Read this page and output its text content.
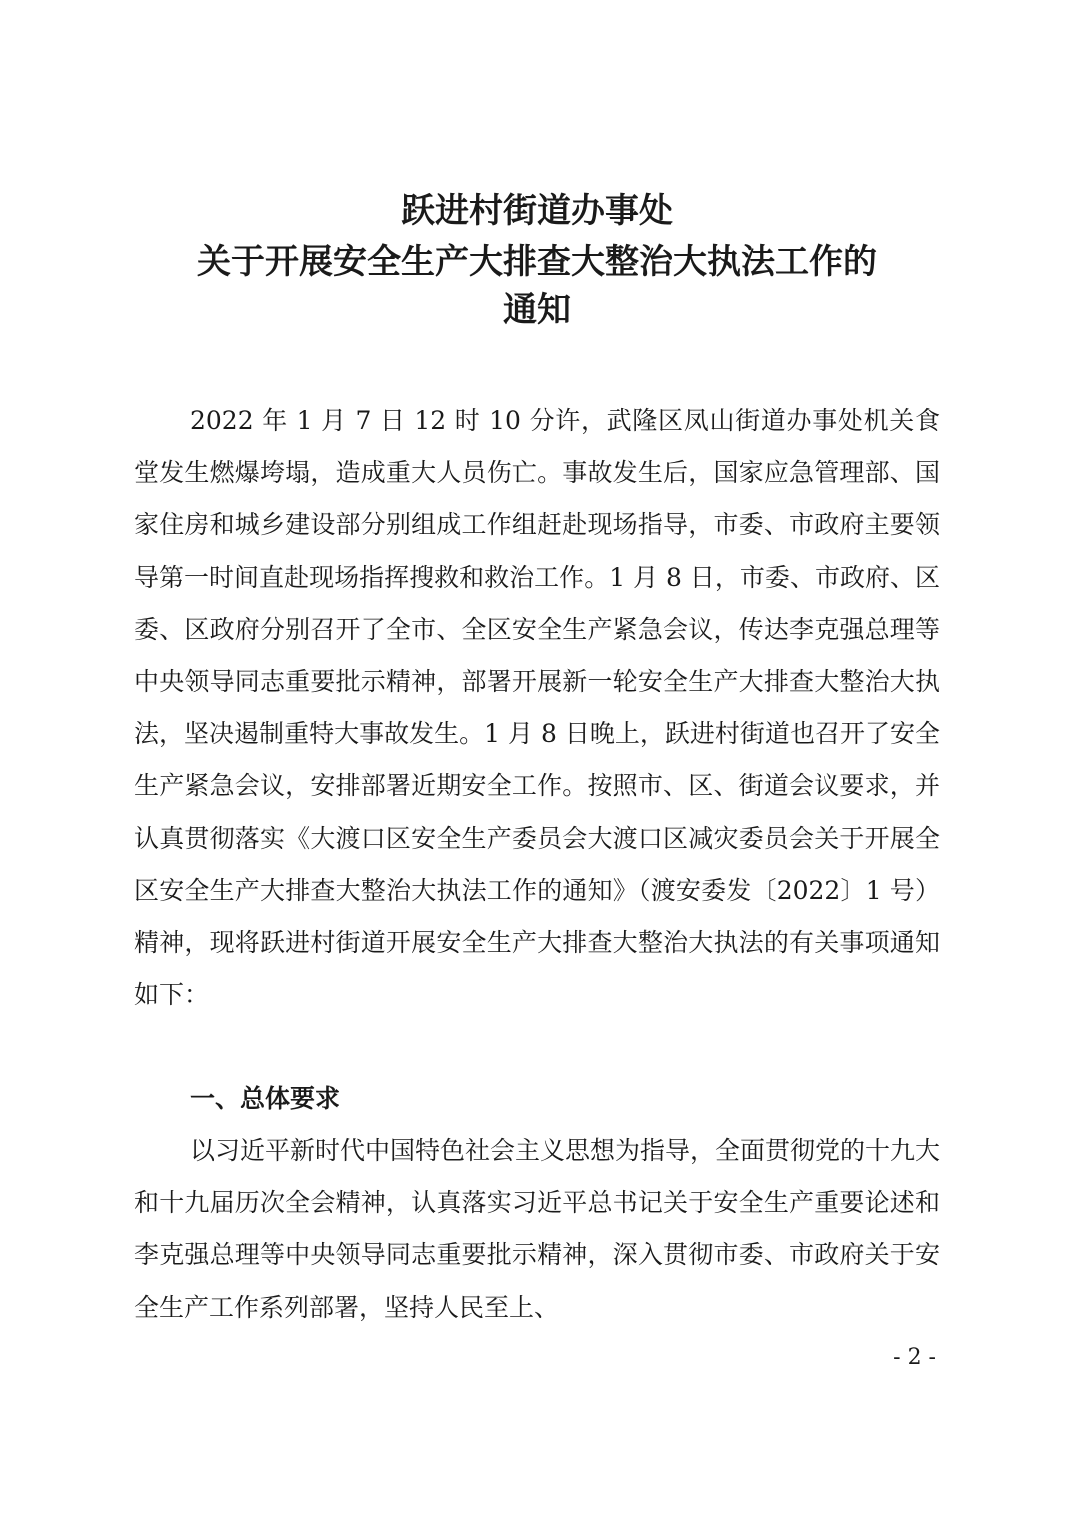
跃进村街道办事处
关于开展安全生产大排查大整治大执法工作的
通知
2022 年 1 月 7 日 12 时 10 分许，武隆区凤山街道办事处机关食堂发生燃爆垮塌，造成重大人员伤亡。事故发生后，国家应急管理部、国家住房和城乡建设部分别组成工作组赶赴现场指导，市委、市政府主要领导第一时间直赴现场指挥搜救和救治工作。1 月 8 日，市委、市政府、区委、区政府分别召开了全市、全区安全生产紧急会议，传达李克强总理等中央领导同志重要批示精神，部署开展新一轮安全生产大排查大整治大执法，坚决遏制重特大事故发生。1 月 8 日晚上，跃进村街道也召开了安全生产紧急会议，安排部署近期安全工作。按照市、区、街道会议要求，并认真贯彻落实《大渡口区安全生产委员会大渡口区减灾委员会关于开展全区安全生产大排查大整治大执法工作的通知》（渡安委发〔2022〕1 号）精神，现将跃进村街道开展安全生产大排查大整治大执法的有关事项通知如下：
一、总体要求
以习近平新时代中国特色社会主义思想为指导，全面贯彻党的十九大和十九届历次全会精神，认真落实习近平总书记关于安全生产重要论述和李克强总理等中央领导同志重要批示精神，深入贯彻市委、市政府关于安全生产工作系列部署，坚持人民至上、
- 2 -
